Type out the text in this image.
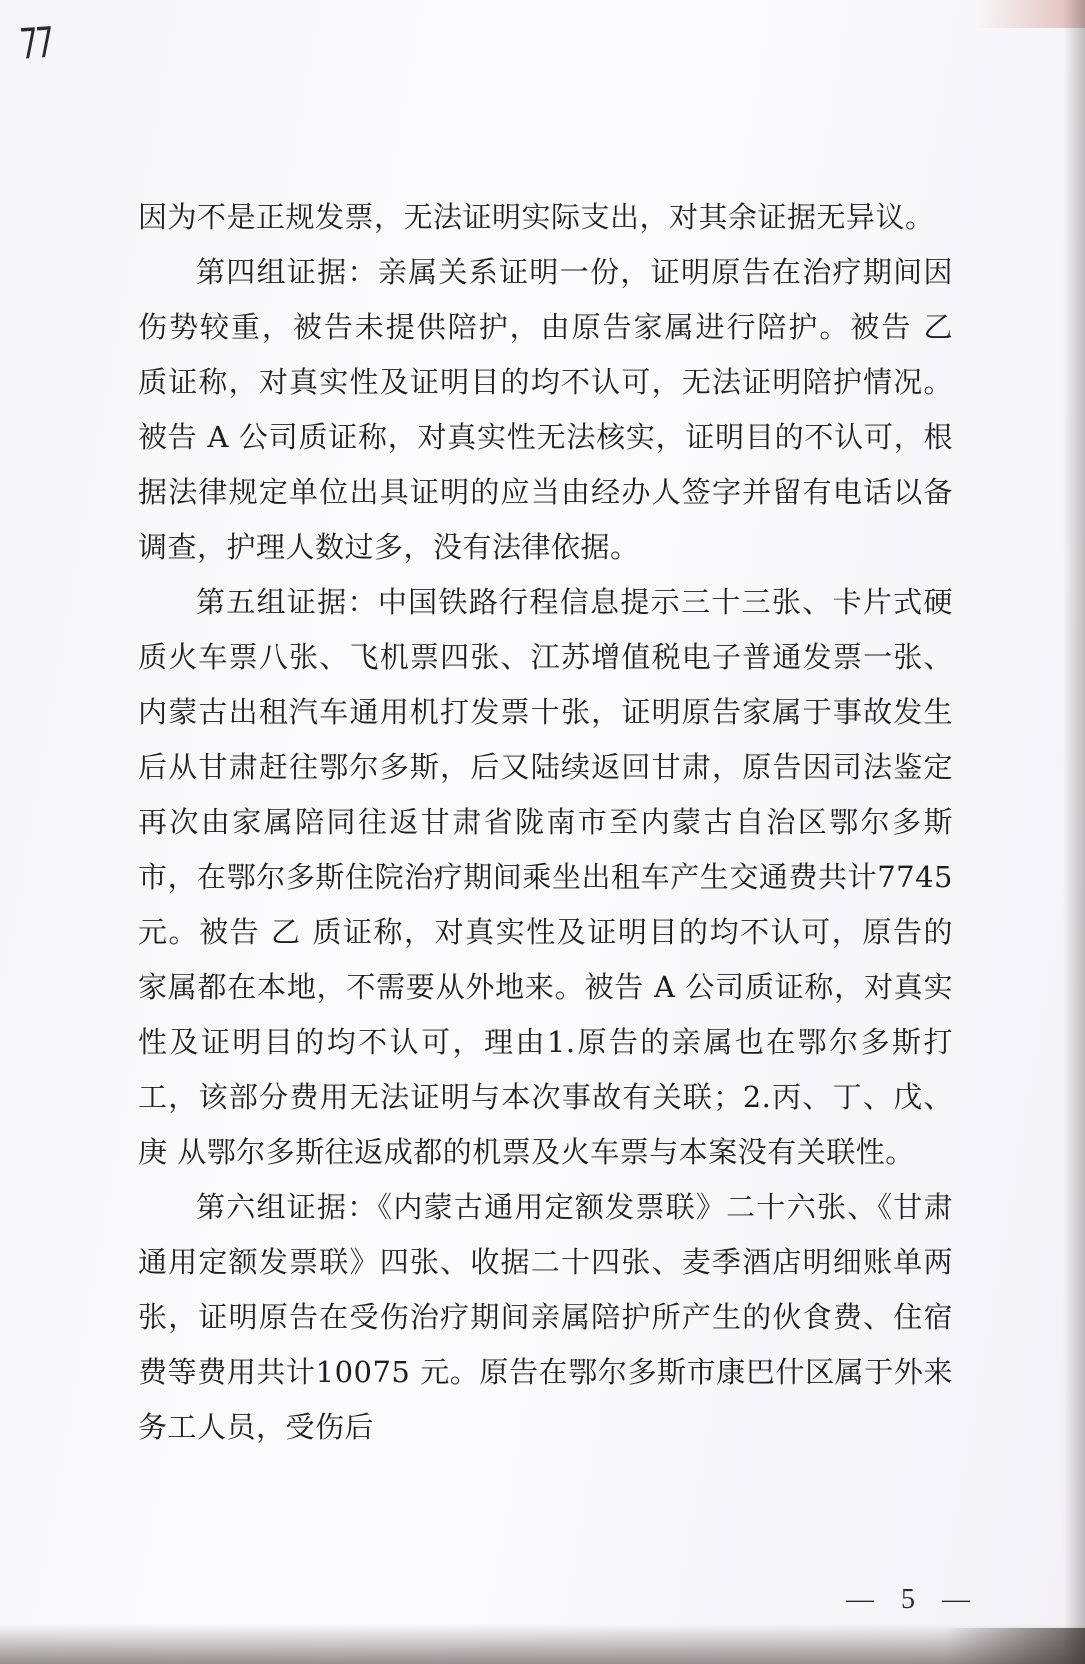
77

因为不是正规发票，无法证明实际支出，对其余证据无异议。

第四组证据：亲属关系证明一份，证明原告在治疗期间因伤势较重，被告未提供陪护，由原告家属进行陪护。被告 乙 质证称，对真实性及证明目的均不认可，无法证明陪护情况。被告 A 公司质证称，对真实性无法核实，证明目的不认可，根据法律规定单位出具证明的应当由经办人签字并留有电话以备调查，护理人数过多，没有法律依据。

第五组证据：中国铁路行程信息提示三十三张、卡片式硬质火车票八张、飞机票四张、江苏增值税电子普通发票一张、内蒙古出租汽车通用机打发票十张，证明原告家属于事故发生后从甘肃赶往鄂尔多斯，后又陆续返回甘肃，原告因司法鉴定再次由家属陪同往返甘肃省陇南市至内蒙古自治区鄂尔多斯市，在鄂尔多斯住院治疗期间乘坐出租车产生交通费共计7745元。被告 乙 质证称，对真实性及证明目的均不认可，原告的家属都在本地，不需要从外地来。被告 A 公司质证称，对真实性及证明目的均不认可，理由1.原告的亲属也在鄂尔多斯打工，该部分费用无法证明与本次事故有关联；2.丙、丁、戊、庚 从鄂尔多斯往返成都的机票及火车票与本案没有关联性。

第六组证据：《内蒙古通用定额发票联》二十六张、《甘肃通用定额发票联》四张、收据二十四张、麦季酒店明细账单两张，证明原告在受伤治疗期间亲属陪护所产生的伙食费、住宿费等费用共计10075 元。原告在鄂尔多斯市康巴什区属于外来务工人员，受伤后

— 5 —
